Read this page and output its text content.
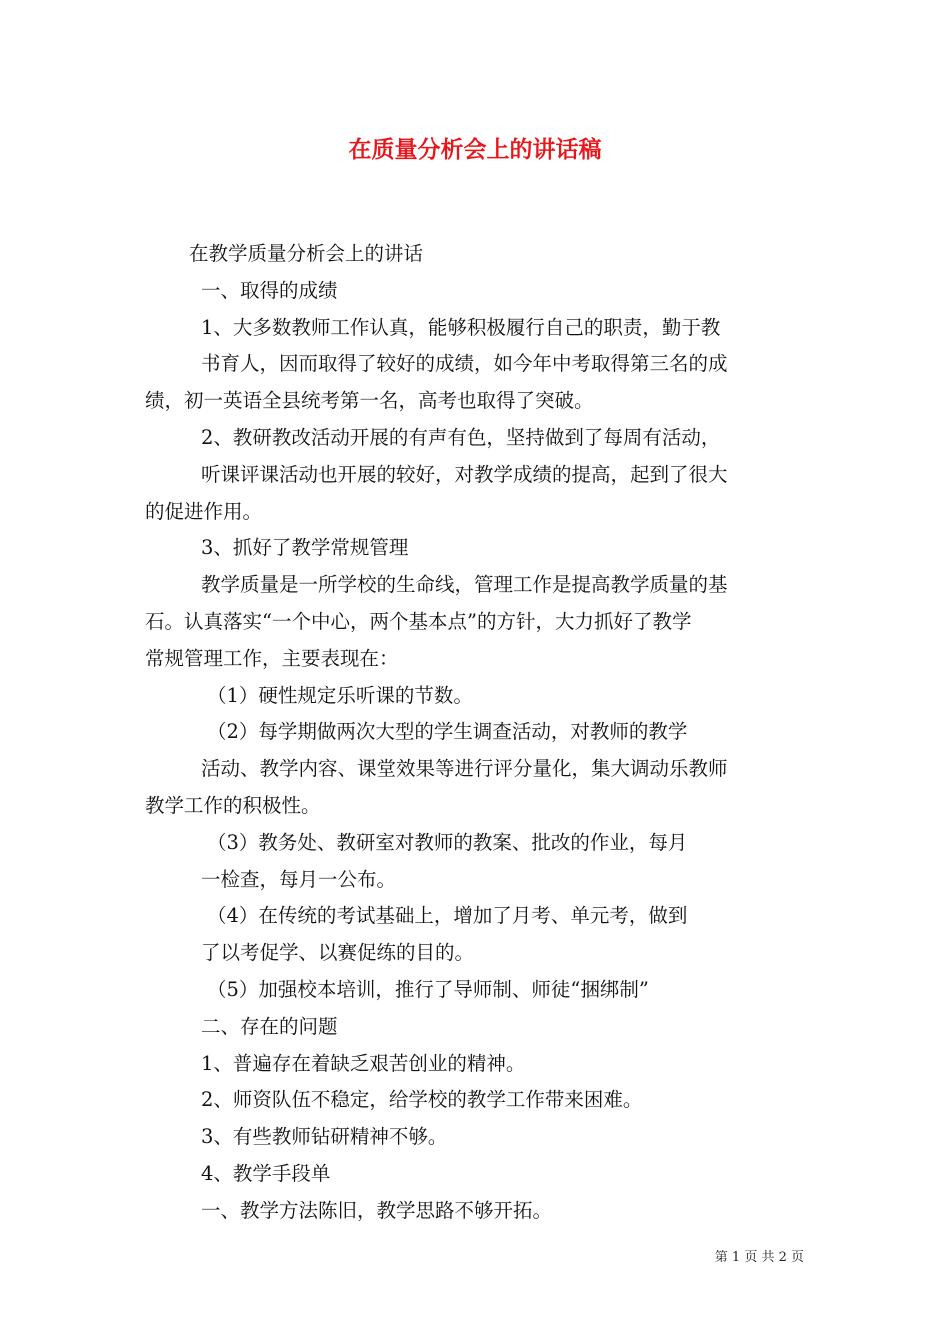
在质量分析会上的讲话稿
在教学质量分析会上的讲话
一、取得的成绩
1、大多数教师工作认真，能够积极履行自己的职责，勤于教
书育人，因而取得了较好的成绩，如今年中考取得第三名的成
绩，初一英语全县统考第一名，高考也取得了突破。
2、教研教改活动开展的有声有色，坚持做到了每周有活动，
听课评课活动也开展的较好，对教学成绩的提高，起到了很大
的促进作用。
3、抓好了教学常规管理
教学质量是一所学校的生命线，管理工作是提高教学质量的基
石。认真落实“一个中心，两个基本点”的方针，大力抓好了教学
常规管理工作，主要表现在：
（1）硬性规定乐听课的节数。
（2）每学期做两次大型的学生调查活动，对教师的教学
活动、教学内容、课堂效果等进行评分量化，集大调动乐教师
教学工作的积极性。
（3）教务处、教研室对教师的教案、批改的作业，每月
一检查，每月一公布。
（4）在传统的考试基础上，增加了月考、单元考，做到
了以考促学、以赛促练的目的。
（5）加强校本培训，推行了导师制、师徒“捆绑制”
二、存在的问题
1、普遍存在着缺乏艰苦创业的精神。
2、师资队伍不稳定，给学校的教学工作带来困难。
3、有些教师钻研精神不够。
4、教学手段单
一、教学方法陈旧，教学思路不够开拓。
第 1 页 共 2 页
